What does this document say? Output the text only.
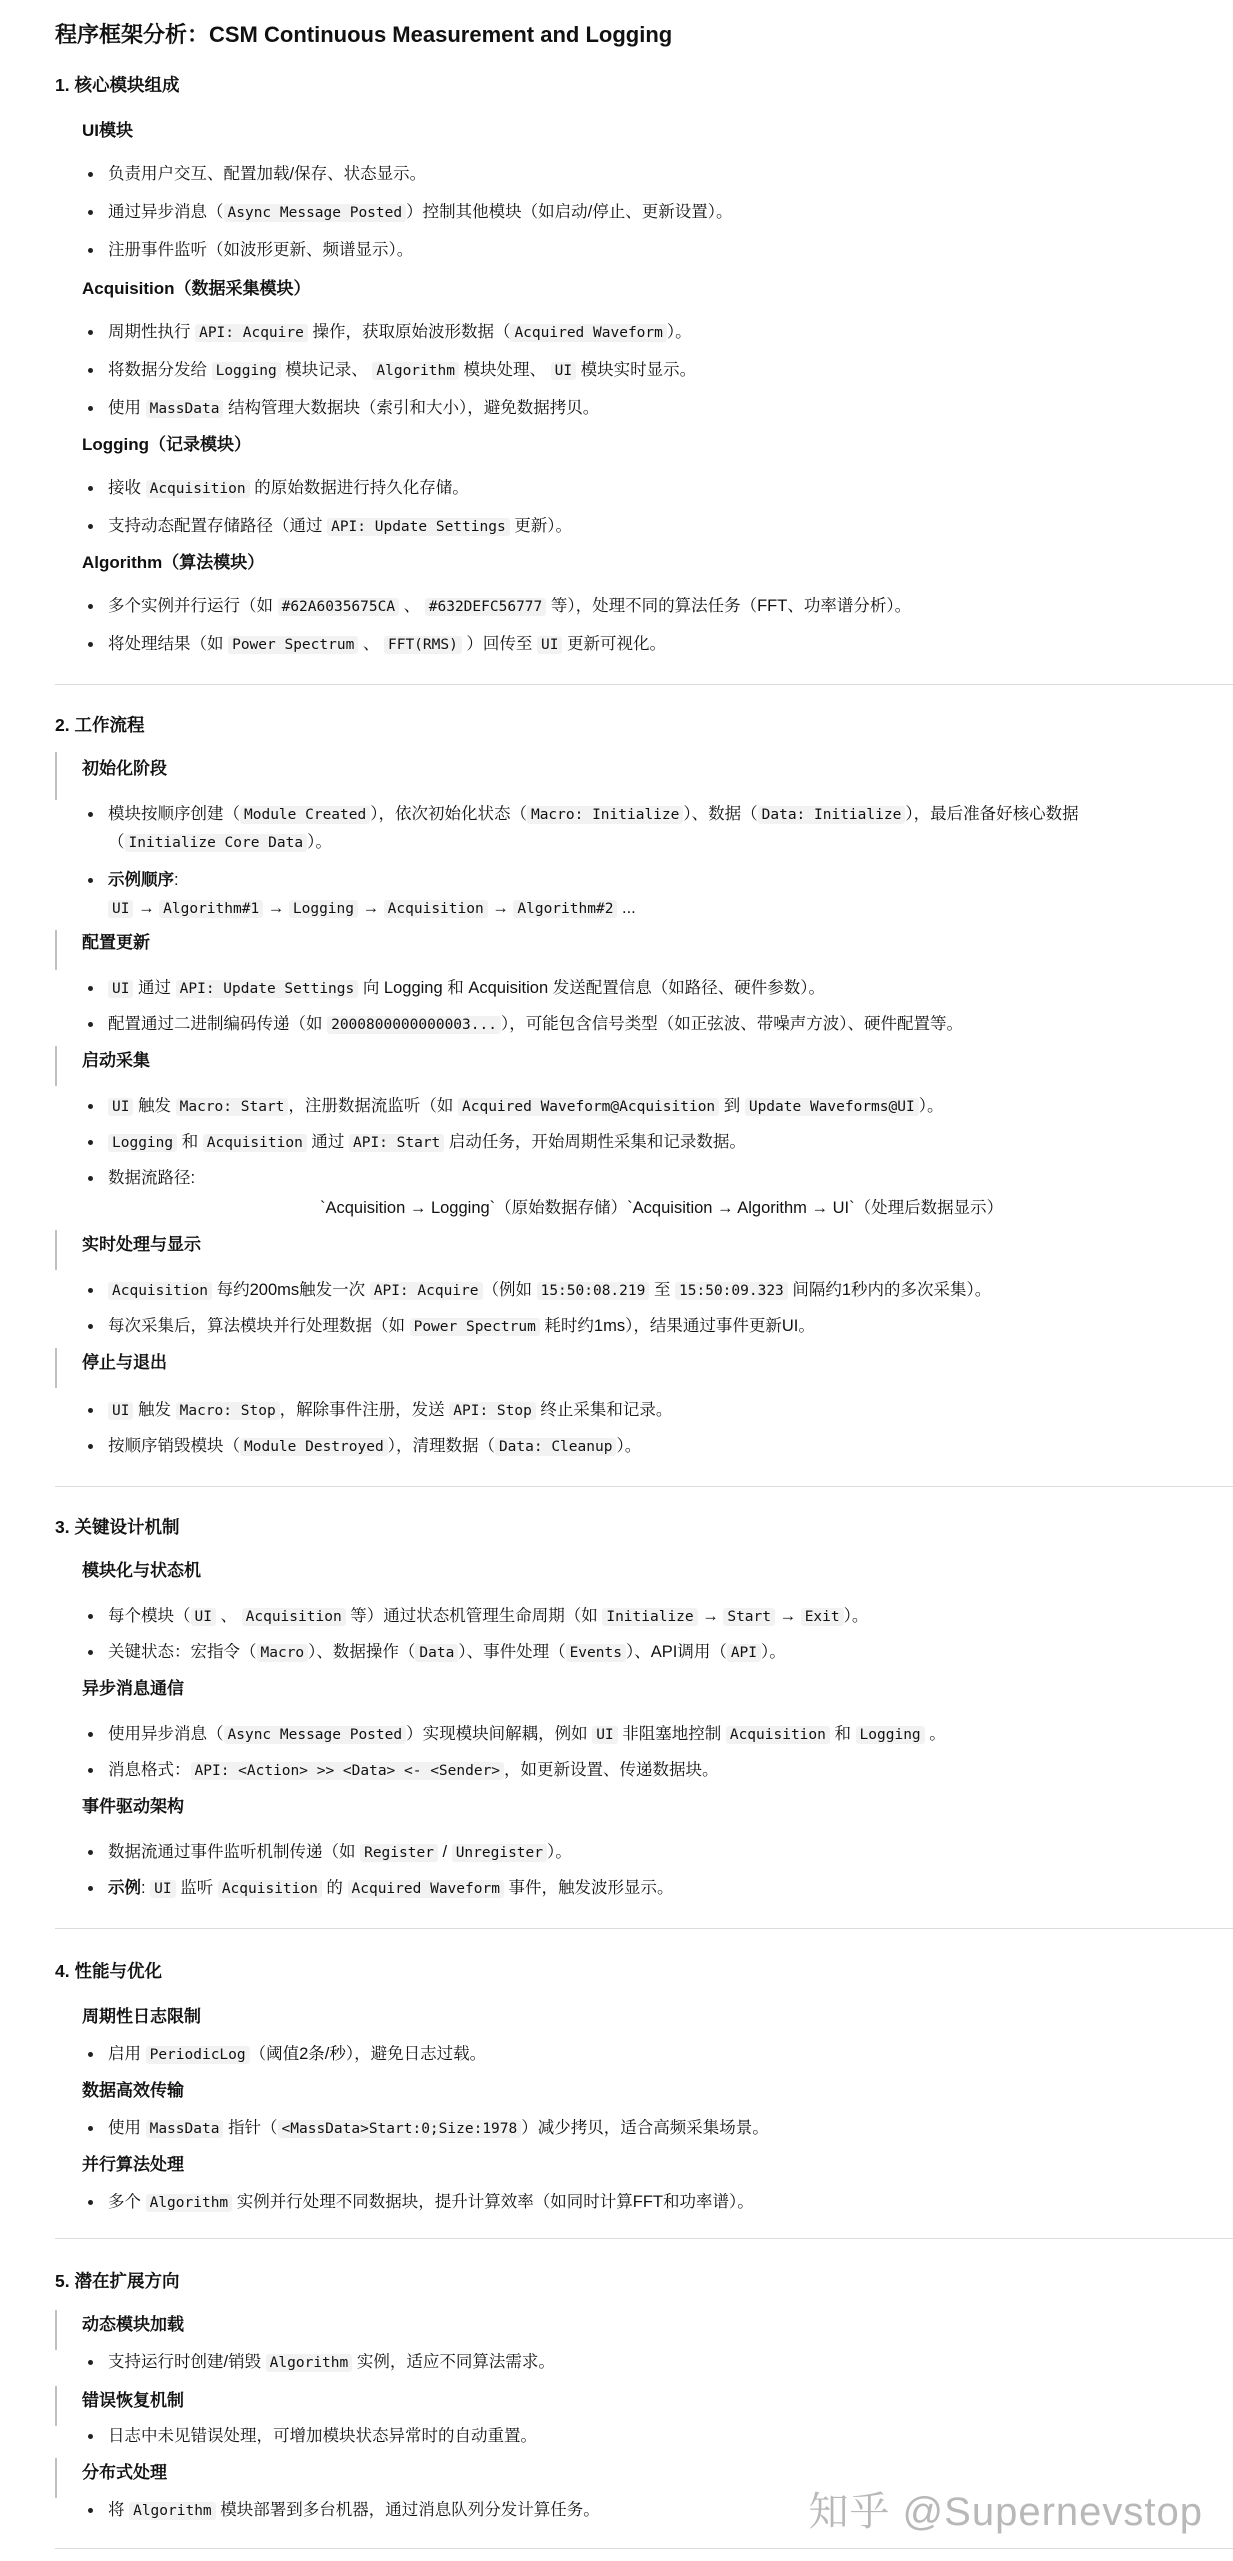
程序框架分析：CSM Continuous Measurement and Logging
1. 核心模块组成
UI模块
负责用户交互、配置加载/保存、状态显示。
通过异步消息（ Async Message Posted ）控制其他模块（如启动/停止、更新设置）。
注册事件监听（如波形更新、频谱显示）。
Acquisition（数据采集模块）
周期性执行 API: Acquire 操作，获取原始波形数据（ Acquired Waveform ）。
将数据分发给 Logging 模块记录、 Algorithm 模块处理、 UI 模块实时显示。
使用 MassData 结构管理大数据块（索引和大小），避免数据拷贝。
Logging（记录模块）
接收 Acquisition 的原始数据进行持久化存储。
支持动态配置存储路径（通过 API: Update Settings 更新）。
Algorithm（算法模块）
多个实例并行运行（如 #62A6035675CA 、 #632DEFC56777 等），处理不同的算法任务（FFT、功率谱分析）。
将处理结果（如 Power Spectrum 、 FFT(RMS) ）回传至 UI 更新可视化。
2. 工作流程
初始化阶段
模块按顺序创建（ Module Created ），依次初始化状态（ Macro: Initialize ）、数据（ Data: Initialize ），最后准备好核心数据
（ Initialize Core Data ）。
示例顺序:
UI → Algorithm#1 → Logging → Acquisition → Algorithm#2 ...
配置更新
UI 通过 API: Update Settings 向 Logging 和 Acquisition 发送配置信息（如路径、硬件参数）。
配置通过二进制编码传递（如 2000800000000003... ），可能包含信号类型（如正弦波、带噪声方波）、硬件配置等。
启动采集
UI 触发 Macro: Start ，注册数据流监听（如 Acquired Waveform@Acquisition 到 Update Waveforms@UI ）。
Logging 和 Acquisition 通过 API: Start 启动任务，开始周期性采集和记录数据。
数据流路径:
`Acquisition → Logging`（原始数据存储）`Acquisition → Algorithm → UI`（处理后数据显示）
实时处理与显示
Acquisition 每约200ms触发一次 API: Acquire （例如 15:50:08.219 至 15:50:09.323 间隔约1秒内的多次采集）。
每次采集后，算法模块并行处理数据（如 Power Spectrum 耗时约1ms），结果通过事件更新UI。
停止与退出
UI 触发 Macro: Stop ，解除事件注册，发送 API: Stop 终止采集和记录。
按顺序销毁模块（ Module Destroyed ），清理数据（ Data: Cleanup ）。
3. 关键设计机制
模块化与状态机
每个模块（ UI 、 Acquisition 等）通过状态机管理生命周期（如 Initialize → Start → Exit ）。
关键状态：宏指令（ Macro ）、数据操作（ Data ）、事件处理（ Events ）、API调用（ API ）。
异步消息通信
使用异步消息（ Async Message Posted ）实现模块间解耦，例如 UI 非阻塞地控制 Acquisition 和 Logging 。
消息格式： API: <Action> >> <Data> <- <Sender> ，如更新设置、传递数据块。
事件驱动架构
数据流通过事件监听机制传递（如 Register / Unregister ）。
示例: UI 监听 Acquisition 的 Acquired Waveform 事件，触发波形显示。
4. 性能与优化
周期性日志限制
启用 PeriodicLog （阈值2条/秒），避免日志过载。
数据高效传输
使用 MassData 指针（ <MassData>Start:0;Size:1978 ）减少拷贝，适合高频采集场景。
并行算法处理
多个 Algorithm 实例并行处理不同数据块，提升计算效率（如同时计算FFT和功率谱）。
5. 潜在扩展方向
动态模块加载
支持运行时创建/销毁 Algorithm 实例，适应不同算法需求。
错误恢复机制
日志中未见错误处理，可增加模块状态异常时的自动重置。
分布式处理
将 Algorithm 模块部署到多台机器，通过消息队列分发计算任务。	知乎 @Supernevstop
